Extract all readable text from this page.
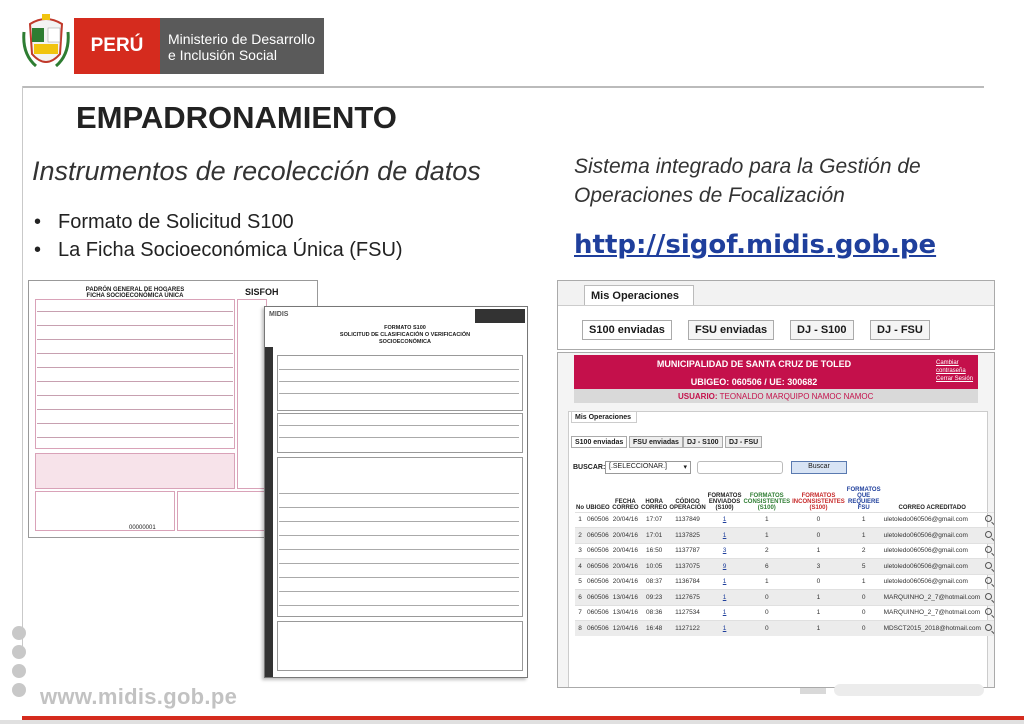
PERÚ	Ministerio de Desarrollo
e Inclusión Social
EMPADRONAMIENTO
Instrumentos de recolección de datos	Sistema integrado para la Gestión de Operaciones de Focalización
http://sigof.midis.gob.pe
• Formato de Solicitud S100
• La Ficha Socioeconómica Única (FSU)
PADRÓN GENERAL DE HOGARES
FICHA SOCIOECONÓMICA ÚNICA	SISFOH
00000001
MIDIS
FORMATO S100
SOLICITUD DE CLASIFICACIÓN O VERIFICACIÓN SOCIOECONÓMICA
Mis Operaciones
S100 enviadas	FSU enviadas	DJ - S100	DJ - FSU
MUNICIPALIDAD DE SANTA CRUZ DE TOLED
UBIGEO: 060506 / UE: 300682
Cambiar
contraseña
Cerrar Sesión
USUARIO: TEONALDO MARQUIPO NAMOC NAMOC
Mis Operaciones
S100 enviadas	FSU enviadas	DJ - S100	DJ - FSU
BUSCAR: [.SELECCIONAR.] ▾	Buscar
No	UBIGEO	FECHA CORREO	HORA CORREO	CÓDIGO OPERACIÓN	FORMATOS ENVIADOS (S100)	FORMATOS CONSISTENTES (S100)	FORMATOS INCONSISTENTES (S100)	FORMATOS QUE REQUIERE FSU	CORREO ACREDITADO	
1	060506	20/04/16	17:07	1137849	1	1	0	1	uletoledo060506@gmail.com	
2	060506	20/04/16	17:01	1137825	1	1	0	1	uletoledo060506@gmail.com	
3	060506	20/04/16	16:50	1137787	3	2	1	2	uletoledo060506@gmail.com	
4	060506	20/04/16	10:05	1137075	9	6	3	5	uletoledo060506@gmail.com	
5	060506	20/04/16	08:37	1136784	1	1	0	1	uletoledo060506@gmail.com	
6	060506	13/04/16	09:23	1127675	1	0	1	0	MARQUINHO_2_7@hotmail.com	
7	060506	13/04/16	08:36	1127534	1	0	1	0	MARQUINHO_2_7@hotmail.com	
8	060506	12/04/16	16:48	1127122	1	0	1	0	MDSCT2015_2018@hotmail.com	
www.midis.gob.pe
